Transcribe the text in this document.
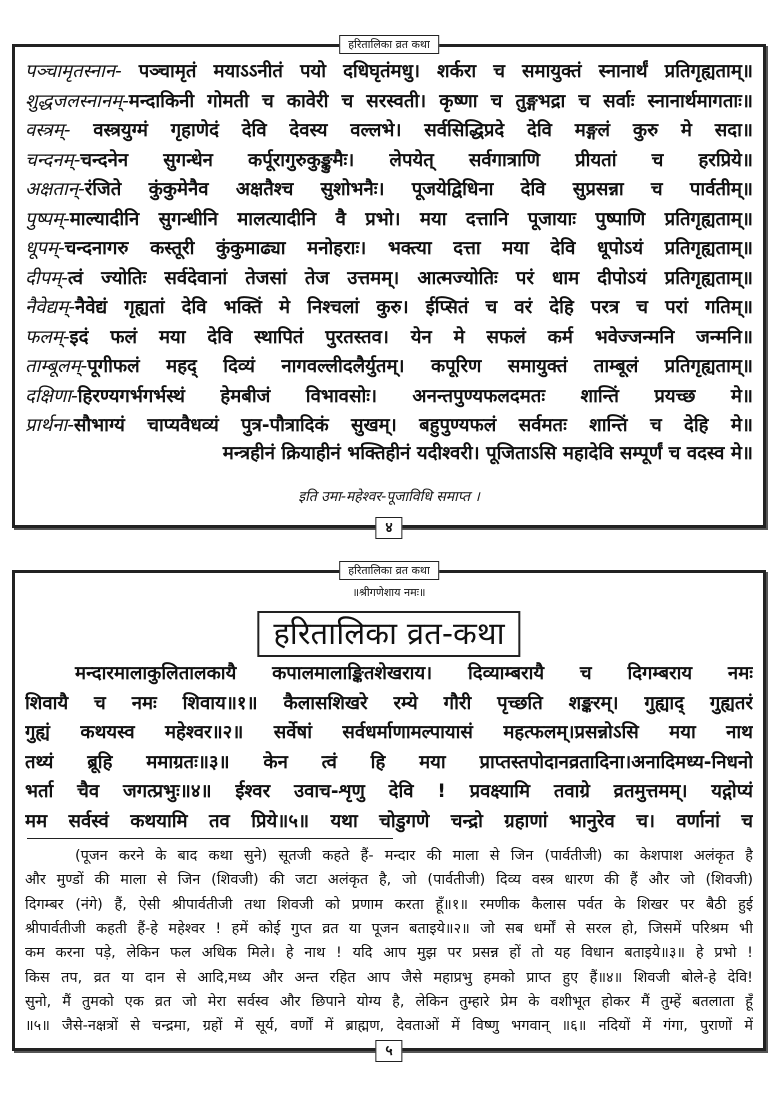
हरितालिका व्रत कथा
पञ्चामृतस्नान- पञ्चामृतं मयाऽऽनीतं पयो दधिघृतंमधु। शर्करा च समायुक्तं स्नानार्थं प्रतिगृह्यताम्॥
शुद्धजलस्नानम्-मन्दाकिनी गोमती च कावेरी च सरस्वती। कृष्णा च तुङ्गभद्रा च सर्वाः स्नानार्थमागताः॥
वस्त्रम्- वस्त्रयुग्मं गृहाणेदं देवि देवस्य वल्लभे। सर्वसिद्धिप्रदे देवि मङ्गलं कुरु मे सदा॥
चन्दनम्-चन्दनेन सुगन्धेन कर्पूरागुरुकुङ्कुमैः। लेपयेत् सर्वगात्राणि प्रीयतां च हरप्रिये॥
अक्षतान्-रंजिते कुंकुमेनैव अक्षतैश्च सुशोभनैः। पूजयेद्विधिना देवि सुप्रसन्ना च पार्वतीम्॥
पुष्पम्-माल्यादीनि सुगन्धीनि मालत्यादीनि वै प्रभो। मया दत्तानि पूजायाः पुष्पाणि प्रतिगृह्यताम्॥
धूपम्-चन्दनागरु कस्तूरी कुंकुमाढ्या मनोहराः। भक्त्या दत्ता मया देवि धूपोऽयं प्रतिगृह्यताम्॥
दीपम्-त्वं ज्योतिः सर्वदेवानां तेजसां तेज उत्तमम्। आत्मज्योतिः परं धाम दीपोऽयं प्रतिगृह्यताम्॥
नैवेद्यम्-नैवेद्यं गृह्यतां देवि भक्तिं मे निश्चलां कुरु। ईप्सितं च वरं देहि परत्र च परां गतिम्॥
फलम्-इदं फलं मया देवि स्थापितं पुरतस्तव। येन मे सफलं कर्म भवेज्जन्मनि जन्मनि॥
ताम्बूलम्-पूगीफलं महद् दिव्यं नागवल्लीदलैर्युतम्। कपूरिण समायुक्तं ताम्बूलं प्रतिगृह्यताम्॥
दक्षिणा-हिरण्यगर्भगर्भस्थं हेमबीजं विभावसोः। अनन्तपुण्यफलदमतः शान्तिं प्रयच्छ मे॥
प्रार्थना-सौभाग्यं चाप्यवैधव्यं पुत्र-पौत्रादिकं सुखम्। बहुपुण्यफलं सर्वमतः शान्तिं च देहि मे॥
मन्त्रहीनं क्रियाहीनं भक्तिहीनं यदीश्वरी। पूजिताऽसि महादेवि सम्पूर्णं च वदस्व मे॥
इति उमा-महेश्वर-पूजाविधि समाप्त ।
४
हरितालिका व्रत कथा
॥श्रीगणेशाय नमः॥
हरितालिका व्रत-कथा
मन्दारमालाकुलितालकायै कपालमालाङ्कितशेखराय। दिव्याम्बरायै च दिगम्बराय नमः
शिवायै च नमः शिवाय॥१॥ कैलासशिखरे रम्ये गौरी पृच्छति शङ्करम्। गुह्याद् गुह्यतरं
गुह्यं कथयस्व महेश्वर॥२॥ सर्वेषां सर्वधर्माणामल्पायासं महत्फलम्।प्रसन्नोऽसि मया नाथ
तथ्यं ब्रूहि ममाग्रतः॥३॥ केन त्वं हि मया प्राप्तस्तपोदानव्रतादिना।अनादिमध्य-निधनो
भर्ता चैव जगत्प्रभुः॥४॥ ईश्वर उवाच-शृणु देवि ! प्रवक्ष्यामि तवाग्रे व्रतमुत्तमम्। यद्गोप्यं
मम सर्वस्वं कथयामि तव प्रिये॥५॥ यथा चोडुगणे चन्द्रो ग्रहाणां भानुरेव च। वर्णानां च
(पूजन करने के बाद कथा सुने) सूतजी कहते हैं- मन्दार की माला से जिन (पार्वतीजी) का केशपाश अलंकृत है
और मुण्डों की माला से जिन (शिवजी) की जटा अलंकृत है, जो (पार्वतीजी) दिव्य वस्त्र धारण की हैं और जो (शिवजी)
दिगम्बर (नंगे) हैं, ऐसी श्रीपार्वतीजी तथा शिवजी को प्रणाम करता हूँ॥१॥ रमणीक कैलास पर्वत के शिखर पर बैठी हुई
श्रीपार्वतीजी कहती हैं-हे महेश्वर ! हमें कोई गुप्त व्रत या पूजन बताइये॥२॥ जो सब धर्मों से सरल हो, जिसमें परिश्रम भी
कम करना पड़े, लेकिन फल अधिक मिले। हे नाथ ! यदि आप मुझ पर प्रसन्न हों तो यह विधान बताइये॥३॥ हे प्रभो !
किस तप, व्रत या दान से आदि,मध्य और अन्त रहित आप जैसे महाप्रभु हमको प्राप्त हुए हैं॥४॥ शिवजी बोले-हे देवि!
सुनो, मैं तुमको एक व्रत जो मेरा सर्वस्व और छिपाने योग्य है, लेकिन तुम्हारे प्रेम के वशीभूत होकर मैं तुम्हें बतलाता हूँ
॥५॥ जैसे-नक्षत्रों से चन्द्रमा, ग्रहों में सूर्य, वर्णों में ब्राह्मण, देवताओं में विष्णु भगवान् ॥६॥ नदियों में गंगा, पुराणों में
५
